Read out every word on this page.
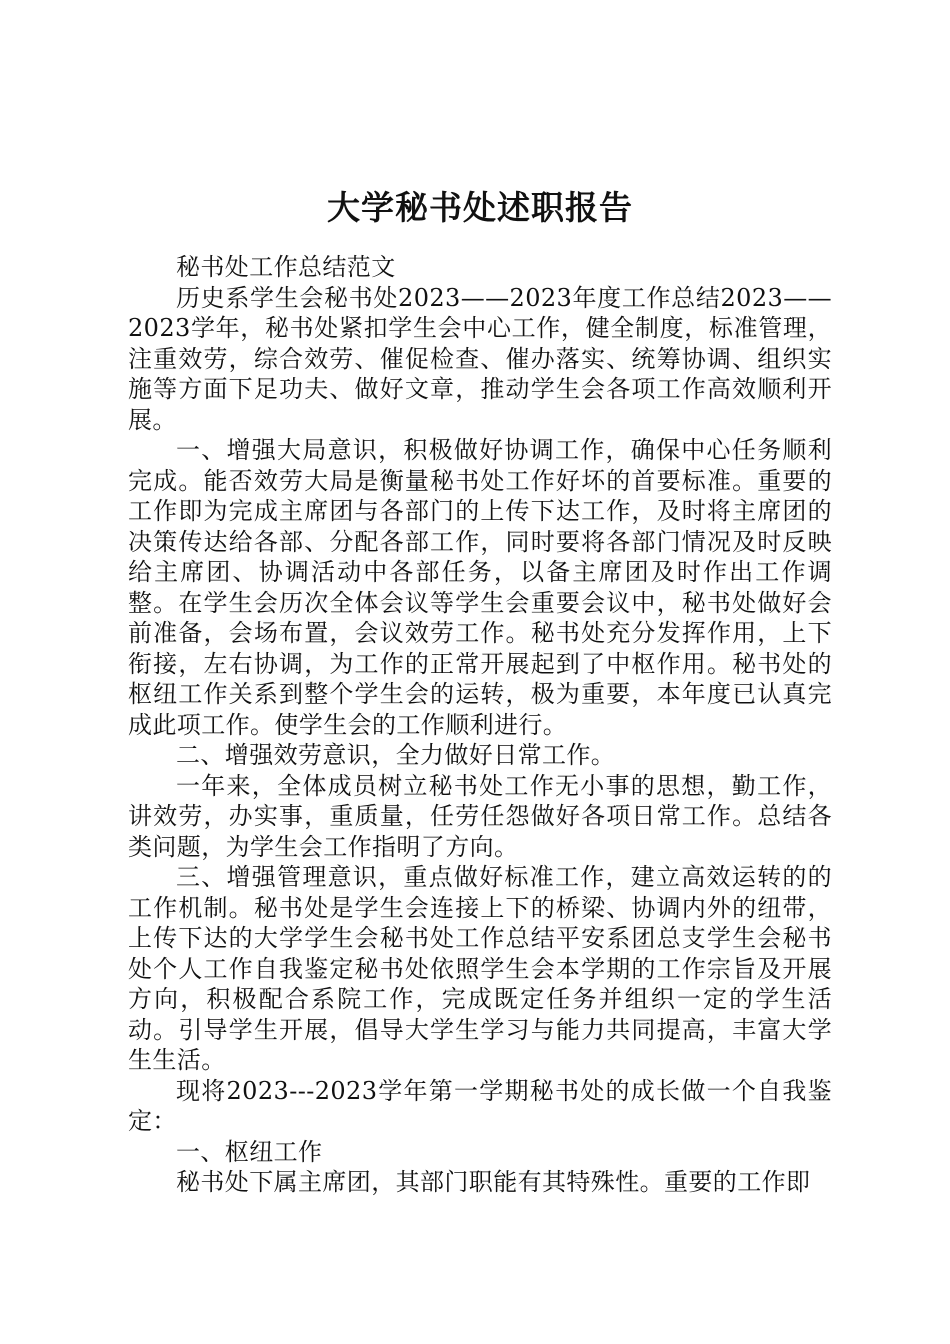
大学秘书处述职报告

秘书处工作总结范文

历史系学生会秘书处2023——2023年度工作总结2023——2023学年，秘书处紧扣学生会中心工作，健全制度，标准管理，注重效劳，综合效劳、催促检查、催办落实、统筹协调、组织实施等方面下足功夫、做好文章，推动学生会各项工作高效顺利开展。

一、增强大局意识，积极做好协调工作，确保中心任务顺利完成。能否效劳大局是衡量秘书处工作好坏的首要标准。重要的工作即为完成主席团与各部门的上传下达工作，及时将主席团的决策传达给各部、分配各部工作，同时要将各部门情况及时反映给主席团、协调活动中各部任务，以备主席团及时作出工作调整。在学生会历次全体会议等学生会重要会议中，秘书处做好会前准备，会场布置，会议效劳工作。秘书处充分发挥作用，上下衔接，左右协调，为工作的正常开展起到了中枢作用。秘书处的枢纽工作关系到整个学生会的运转，极为重要，本年度已认真完成此项工作。使学生会的工作顺利进行。

二、增强效劳意识，全力做好日常工作。

一年来，全体成员树立秘书处工作无小事的思想，勤工作，讲效劳，办实事，重质量，任劳任怨做好各项日常工作。总结各类问题，为学生会工作指明了方向。

三、增强管理意识，重点做好标准工作，建立高效运转的的工作机制。秘书处是学生会连接上下的桥梁、协调内外的纽带，上传下达的大学学生会秘书处工作总结平安系团总支学生会秘书处个人工作自我鉴定秘书处依照学生会本学期的工作宗旨及开展方向，积极配合系院工作，完成既定任务并组织一定的学生活动。引导学生开展，倡导大学生学习与能力共同提高，丰富大学生生活。

现将2023---2023学年第一学期秘书处的成长做一个自我鉴定：

一、枢纽工作

秘书处下属主席团，其部门职能有其特殊性。重要的工作即
